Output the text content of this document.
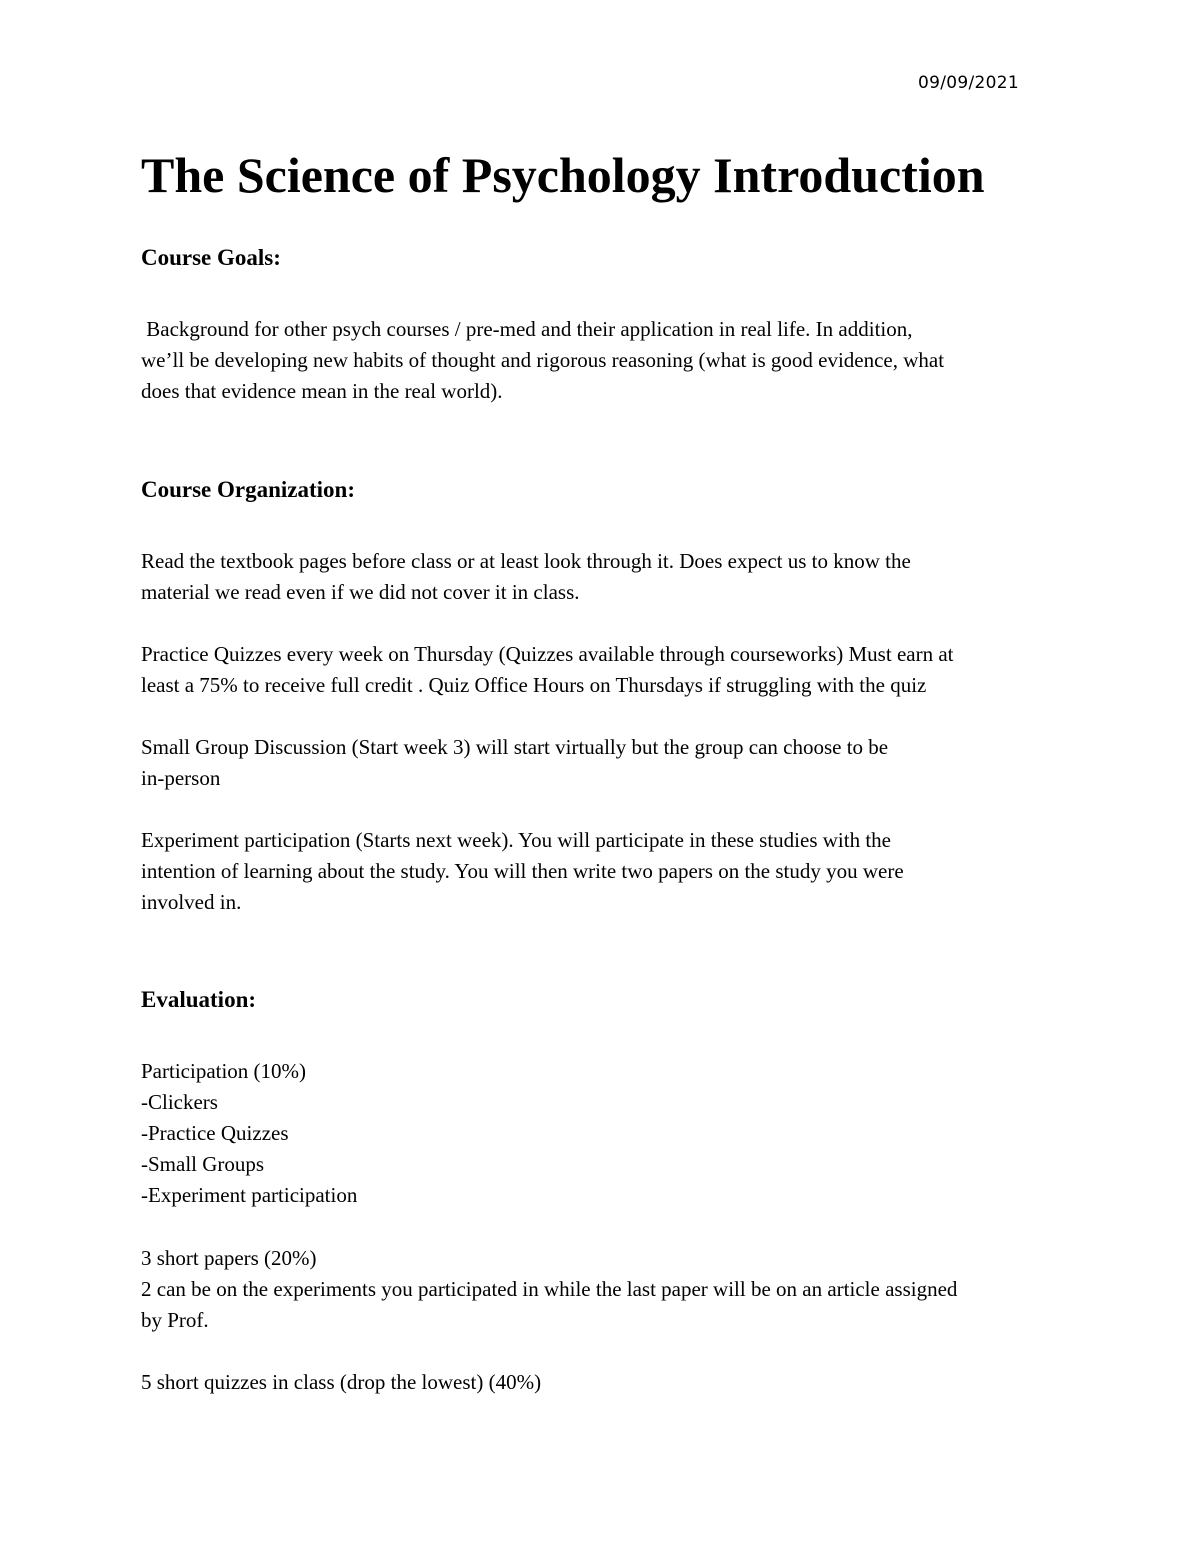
09/09/2021
The Science of Psychology Introduction
Course Goals:

Background for other psych courses / pre-med and their application in real life. In addition,
we’ll be developing new habits of thought and rigorous reasoning (what is good evidence, what
does that evidence mean in the real world).

Course Organization:

Read the textbook pages before class or at least look through it. Does expect us to know the
material we read even if we did not cover it in class.

Practice Quizzes every week on Thursday (Quizzes available through courseworks) Must earn at
least a 75% to receive full credit . Quiz Office Hours on Thursdays if struggling with the quiz

Small Group Discussion (Start week 3) will start virtually but the group can choose to be
in-person

Experiment participation (Starts next week). You will participate in these studies with the
intention of learning about the study. You will then write two papers on the study you were
involved in.

Evaluation:

Participation (10%)
-Clickers
-Practice Quizzes
-Small Groups
-Experiment participation

3 short papers (20%)
2 can be on the experiments you participated in while the last paper will be on an article assigned
by Prof.

5 short quizzes in class (drop the lowest) (40%)
